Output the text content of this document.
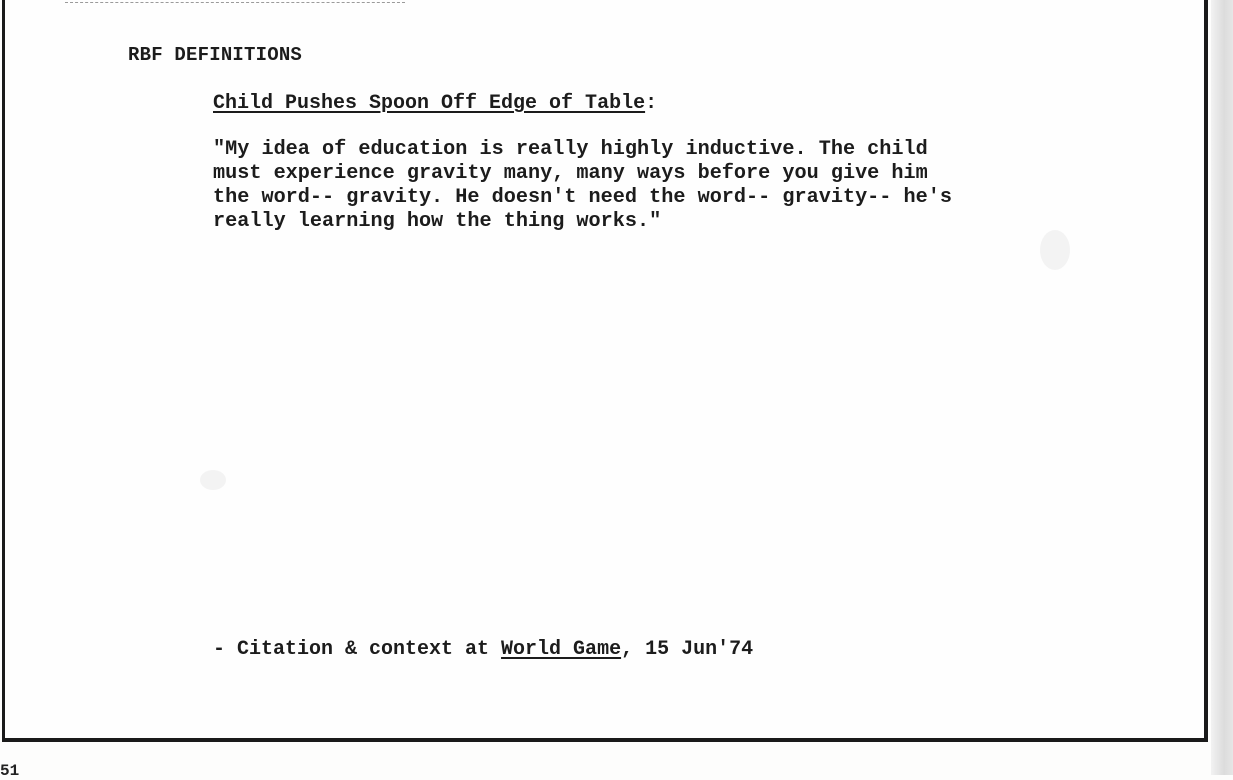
RBF DEFINITIONS
Child Pushes Spoon Off Edge of Table:
"My idea of education is really highly inductive. The child
must experience gravity many, many ways before you give him
the word-- gravity. He doesn't need the word-- gravity-- he's
really learning how the thing works."
- Citation & context at World Game, 15 Jun'74
51
